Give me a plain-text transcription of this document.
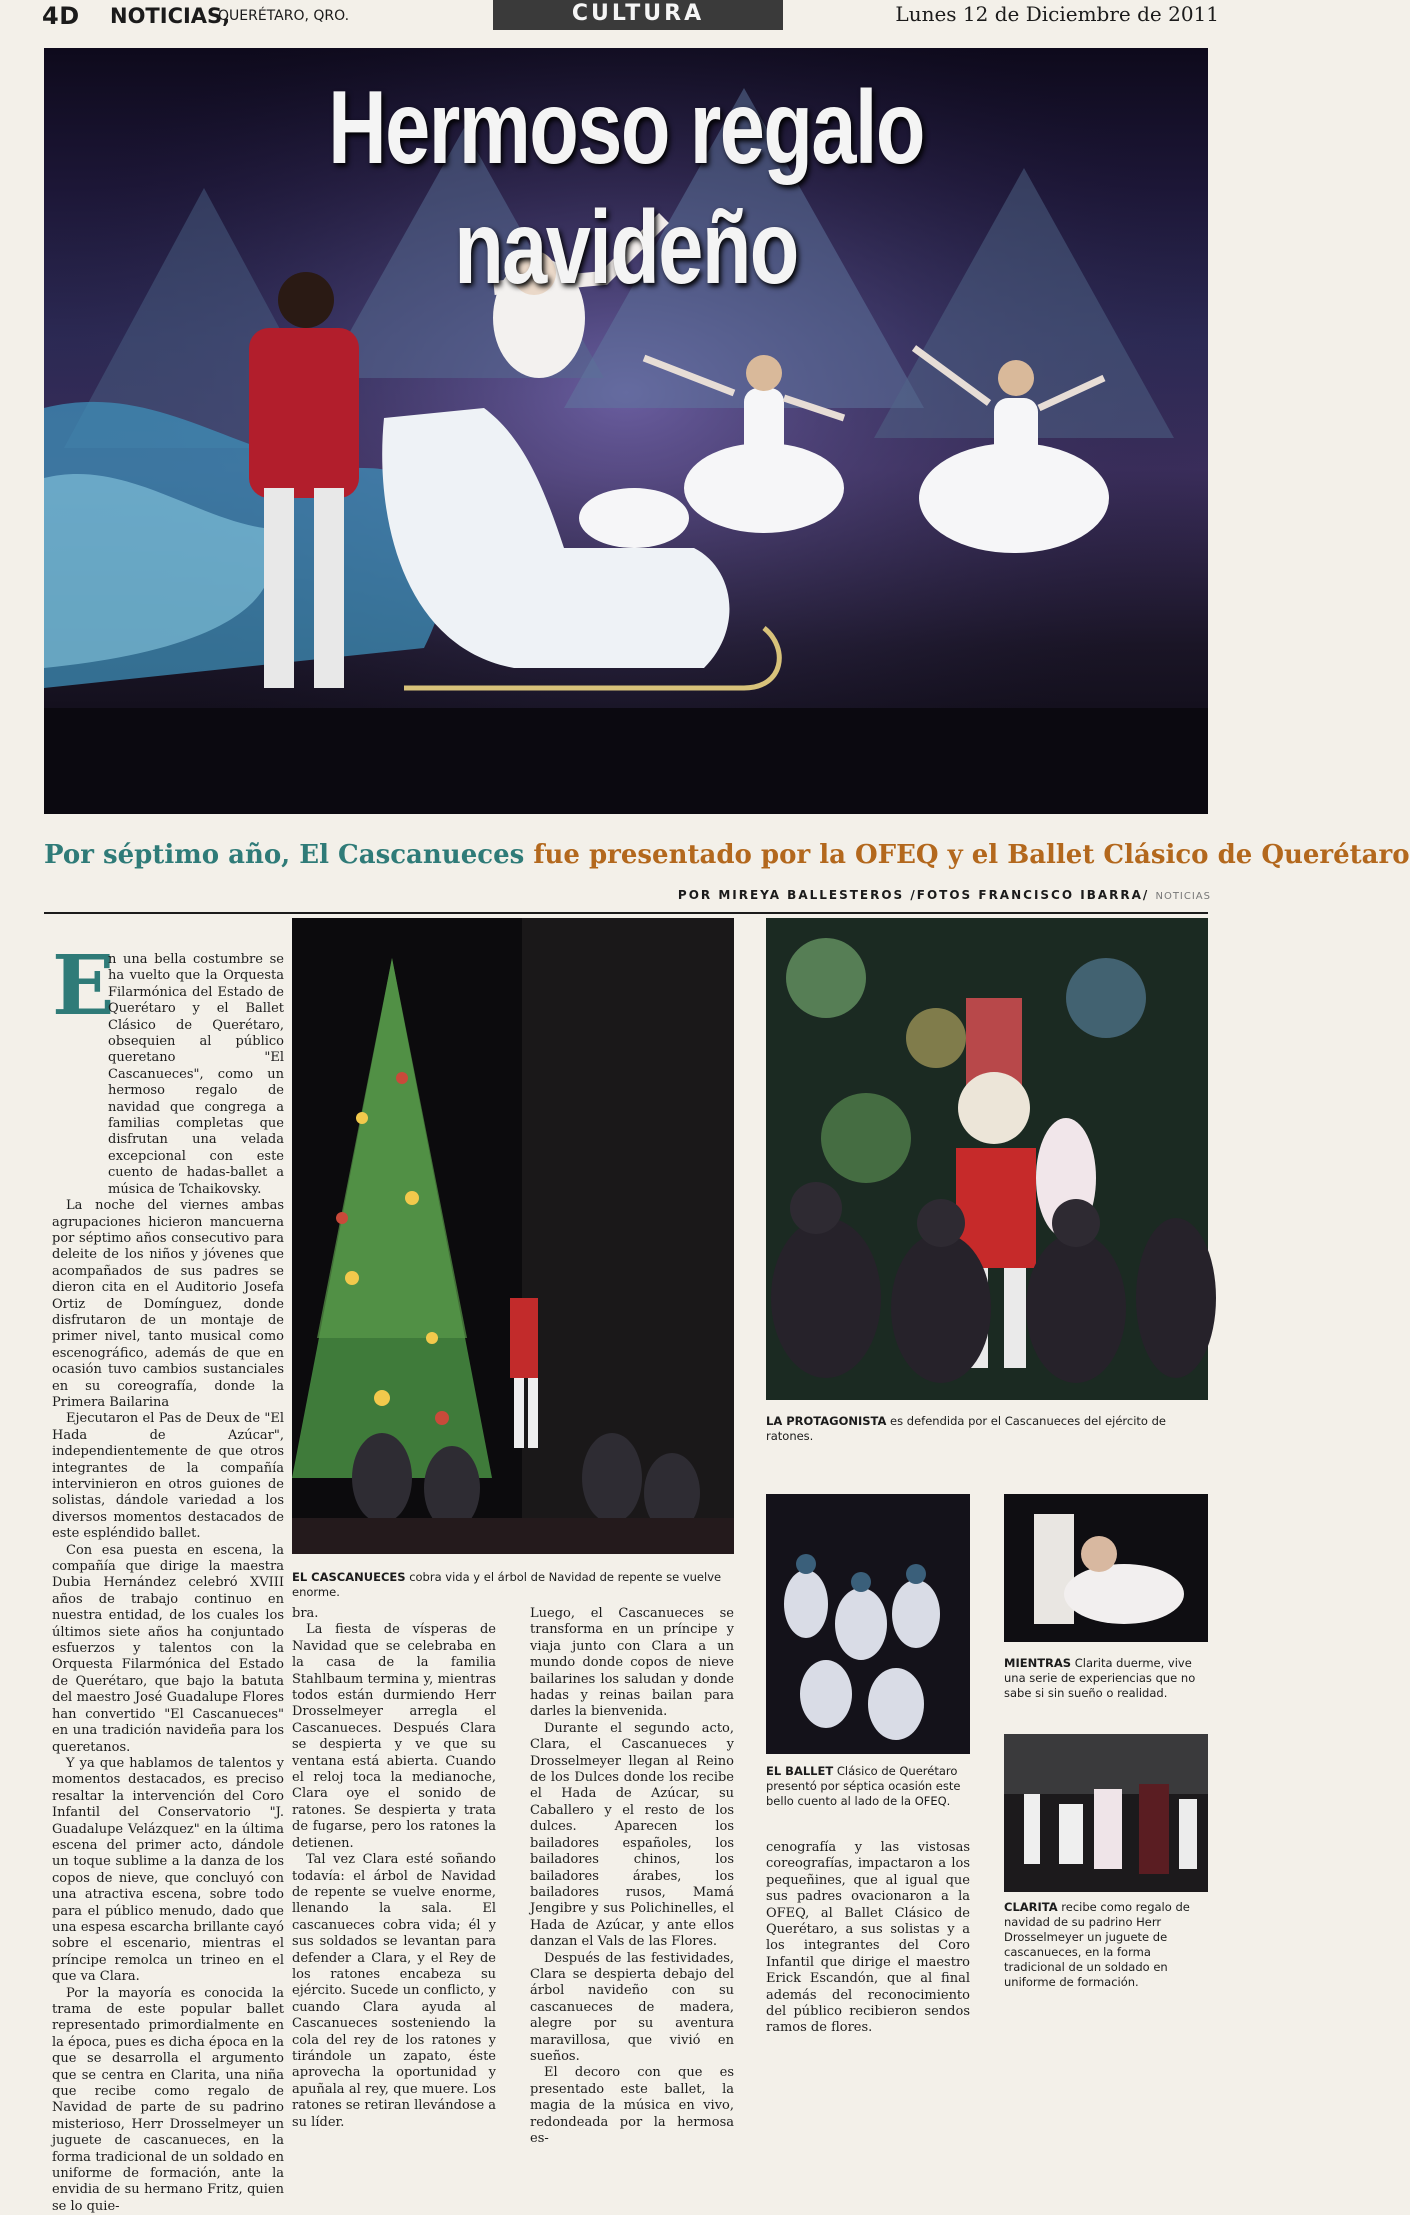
4D NOTICIAS,
QUERÉTARO, QRO.	CULTURA	Lunes 12 de Diciembre de 2011
Hermoso regalo navideño
Por séptimo año, El Cascanueces fue presentado por la OFEQ y el Ballet Clásico de Querétaro
POR MIREYA BALLESTEROS /FOTOS FRANCISCO IBARRA/ NOTICIAS
E

n una bella costumbre se ha vuelto que la Orquesta Filarmónica del Estado de Querétaro y el Ballet Clásico de Querétaro, obsequien al público queretano "El Cascanueces", como un hermoso regalo de navidad que congrega a familias completas que disfrutan una velada excepcional con este cuento de hadas-ballet a música de Tchaikovsky.

La noche del viernes ambas agrupaciones hicieron mancuerna por séptimo años consecutivo para deleite de los niños y jóvenes que acompañados de sus padres se dieron cita en el Auditorio Josefa Ortiz de Domínguez, donde disfrutaron de un montaje de primer nivel, tanto musical como escenográfico, además de que en ocasión tuvo cambios sustanciales en su coreografía, donde la Primera Bailarina

Ejecutaron el Pas de Deux de "El Hada de Azúcar", independientemente de que otros integrantes de la compañía intervinieron en otros guiones de solistas, dándole variedad a los diversos momentos destacados de este espléndido ballet.

Con esa puesta en escena, la compañía que dirige la maestra Dubia Hernández celebró XVIII años de trabajo continuo en nuestra entidad, de los cuales los últimos siete años ha conjuntado esfuerzos y talentos con la Orquesta Filarmónica del Estado de Querétaro, que bajo la batuta del maestro José Guadalupe Flores han convertido "El Cascanueces" en una tradición navideña para los queretanos.

Y ya que hablamos de talentos y momentos destacados, es preciso resaltar la intervención del Coro Infantil del Conservatorio "J. Guadalupe Velázquez" en la última escena del primer acto, dándole un toque sublime a la danza de los copos de nieve, que concluyó con una atractiva escena, sobre todo para el público menudo, dado que una espesa escarcha brillante cayó sobre el escenario, mientras el príncipe remolca un trineo en el que va Clara.

Por la mayoría es conocida la trama de este popular ballet representado primordialmente en la época, pues es dicha época en la que se desarrolla el argumento que se centra en Clarita, una niña que recibe como regalo de Navidad de parte de su padrino misterioso, Herr Drosselmeyer un juguete de cascanueces, en la forma tradicional de un soldado en uniforme de formación, ante la envidia de su hermano Fritz, quien se lo quie-

EL CASCANUECES cobra vida y el árbol de Navidad de repente se vuelve enorme.
LA PROTAGONISTA es defendida por el Cascanueces del ejército de ratones.

bra.

La fiesta de vísperas de Navidad que se celebraba en la casa de la familia Stahlbaum termina y, mientras todos están durmiendo Herr Drosselmeyer arregla el Cascanueces. Después Clara se despierta y ve que su ventana está abierta. Cuando el reloj toca la medianoche, Clara oye el sonido de ratones. Se despierta y trata de fugarse, pero los ratones la detienen.

Tal vez Clara esté soñando todavía: el árbol de Navidad de repente se vuelve enorme, llenando la sala. El cascanueces cobra vida; él y sus soldados se levantan para defender a Clara, y el Rey de los ratones encabeza su ejército. Sucede un conflicto, y cuando Clara ayuda al Cascanueces sosteniendo la cola del rey de los ratones y tirándole un zapato, éste aprovecha la oportunidad y apuñala al rey, que muere. Los ratones se retiran llevándose a su líder.

Luego, el Cascanueces se transforma en un príncipe y viaja junto con Clara a un mundo donde copos de nieve bailarines los saludan y donde hadas y reinas bailan para darles la bienvenida.

Durante el segundo acto, Clara, el Cascanueces y Drosselmeyer llegan al Reino de los Dulces donde los recibe el Hada de Azúcar, su Caballero y el resto de los dulces. Aparecen los bailadores españoles, los bailadores chinos, los bailadores árabes, los bailadores rusos, Mamá Jengibre y sus Polichinelles, el Hada de Azúcar, y ante ellos danzan el Vals de las Flores.

Después de las festividades, Clara se despierta debajo del árbol navideño con su cascanueces de madera, alegre por su aventura maravillosa, que vivió en sueños.

El decoro con que es presentado este ballet, la magia de la música en vivo, redondeada por la hermosa es-

EL BALLET Clásico de Querétaro presentó por séptica ocasión este bello cuento al lado de la OFEQ.

cenografía y las vistosas coreografías, impactaron a los pequeñines, que al igual que sus padres ovacionaron a la OFEQ, al Ballet Clásico de Querétaro, a sus solistas y a los integrantes del Coro Infantil que dirige el maestro Erick Escandón, que al final además del reconocimiento del público recibieron sendos ramos de flores.

MIENTRAS Clarita duerme, vive una serie de experiencias que no sabe si sin sueño o realidad.
CLARITA recibe como regalo de navidad de su padrino Herr Drosselmeyer un juguete de cascanueces, en la forma tradicional de un soldado en uniforme de formación.
